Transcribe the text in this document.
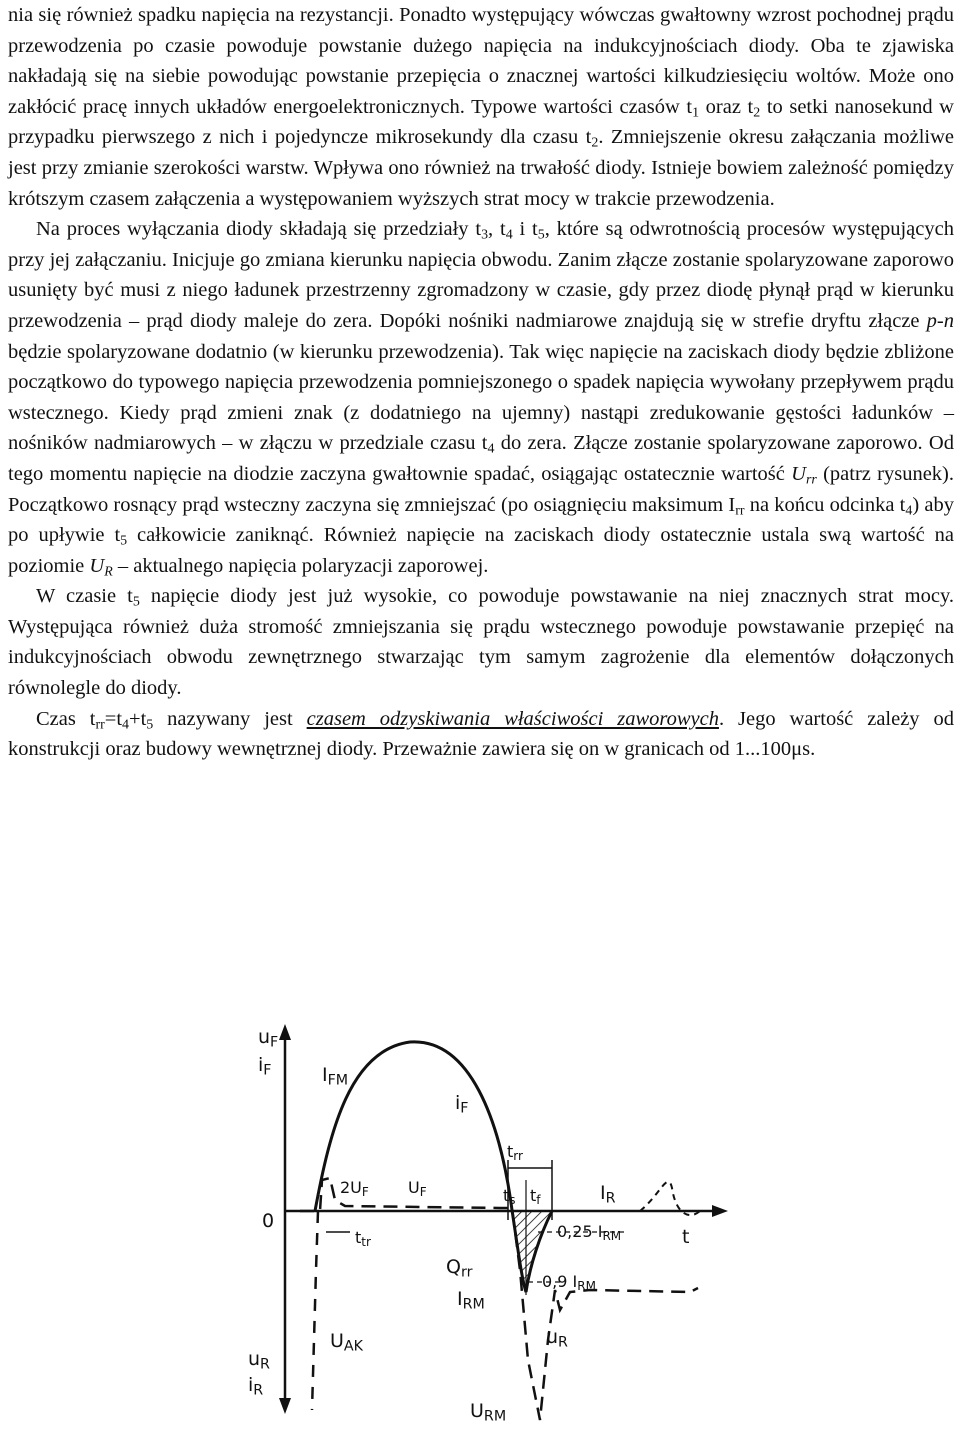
nia się również spadku napięcia na rezystancji. Ponadto występujący wówczas gwałtowny wzrost pochodnej prądu przewodzenia po czasie powoduje powstanie dużego napięcia na indukcyjnościach diody. Oba te zjawiska nakładają się na siebie powodując powstanie przepięcia o znacznej wartości kilkudziesięciu woltów. Może ono zakłócić pracę innych układów energoelektronicznych. Typowe wartości czasów $t_1$ oraz $t_2$ to setki nanosekund w przypadku pierwszego z nich i pojedyncze mikrosekundy dla czasu $t_2$. Zmniejszenie okresu załączania możliwe jest przy zmianie szerokości warstw. Wpływa ono również na trwałość diody. Istnieje bowiem zależność pomiędzy krótszym czasem załączenia a występowaniem wyższych strat mocy w trakcie przewodzenia.

Na proces wyłączania diody składają się przedziały $t_3$, $t_4$ i $t_5$, które są odwrotnością procesów występujących przy jej załączaniu. Inicjuje go zmiana kierunku napięcia obwodu. Zanim złącze zostanie spolaryzowane zaporowo usunięty być musi z niego ładunek przestrzenny zgromadzony w czasie, gdy przez diodę płynął prąd w kierunku przewodzenia – prąd diody maleje do zera. Dopóki nośniki nadmiarowe znajdują się w strefie dryftu złącze p-n będzie spolaryzowane dodatnio (w kierunku przewodzenia). Tak więc napięcie na zaciskach diody będzie zbliżone początkowo do typowego napięcia przewodzenia pomniejszonego o spadek napięcia wywołany przepływem prądu wstecznego. Kiedy prąd zmieni znak (z dodatniego na ujemny) nastąpi zredukowanie gęstości ładunków – nośników nadmiarowych – w złączu w przedziale czasu $t_4$ do zera. Złącze zostanie spolaryzowane zaporowo. Od tego momentu napięcie na diodzie zaczyna gwałtownie spadać, osiągając ostatecznie wartość $U_{rr}$ (patrz rysunek). Początkowo rosnący prąd wsteczny zaczyna się zmniejszać (po osiągnięciu maksimum $I_{rr}$ na końcu odcinka $t_4$) aby po upływie $t_5$ całkowicie zaniknąć. Również napięcie na zaciskach diody ostatecznie ustala swą wartość na poziomie $U_R$ – aktualnego napięcia polaryzacji zaporowej.

W czasie $t_5$ napięcie diody jest już wysokie, co powoduje powstawanie na niej znacznych strat mocy. Występująca również duża stromość zmniejszania się prądu wstecznego powoduje powstawanie przepięć na indukcyjnościach obwodu zewnętrznego stwarzając tym samym zagrożenie dla elementów dołączonych równolegle do diody.

Czas $t_{rr}=t_4+t_5$ nazywany jest czasem odzyskiwania właściwości zaworowych. Jego wartość zależy od konstrukcji oraz budowy wewnętrznej diody. Przeważnie zawiera się on w granicach od 1...100μs.

$u_F$
$i_F$	$I_{FM}$
$i_F$
$t_{rr}$
$t_s$ $t_f$
$2U_F$ $U_F$	$I_R$
0
t
$t_{tr}$
0,25 $I_{RM}$
$Q_{rr}$	0,9 $I_{RM}$
$I_{RM}$
$u_R$
$U_{AK}$
$u_R$
$i_R$
$U_{RM}$
